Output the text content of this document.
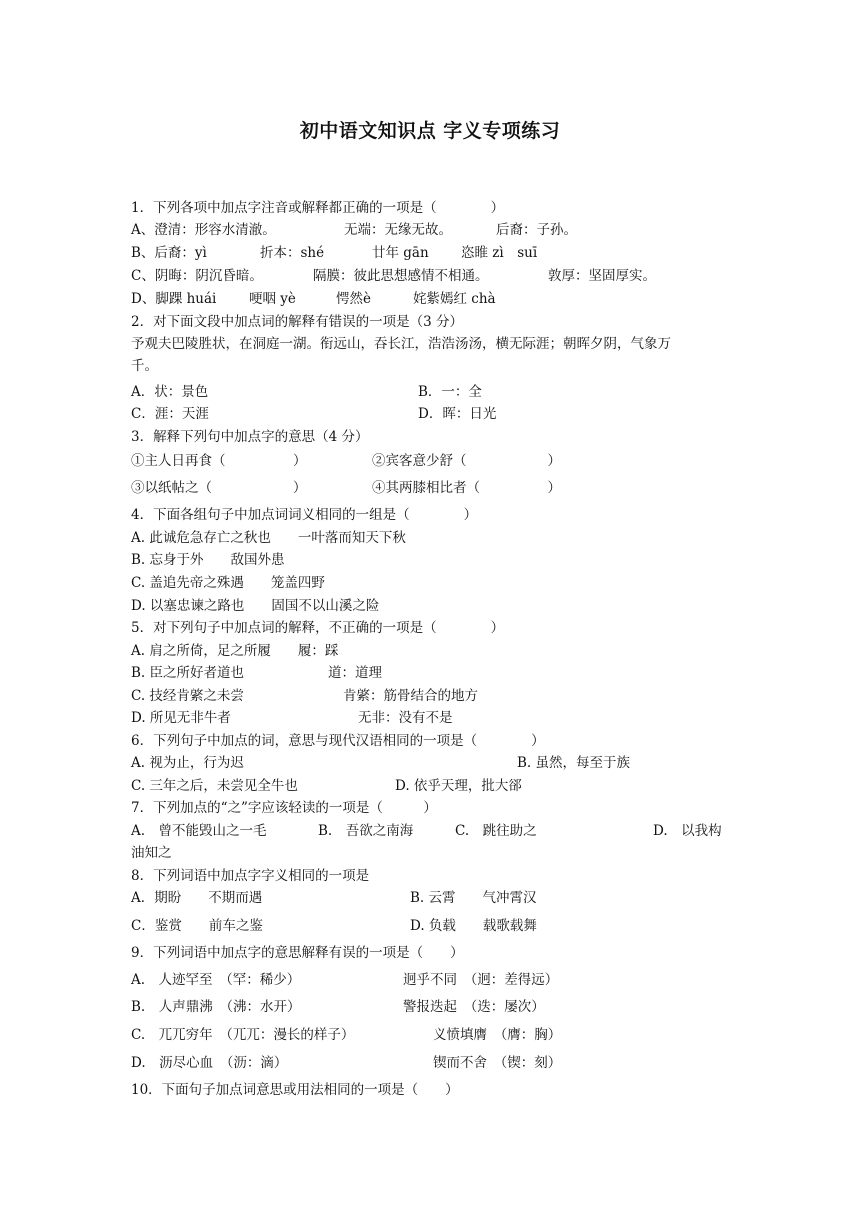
初中语文知识点 字义专项练习
1．下列各项中加点字注音或解释都正确的一项是（　　　　）
A、澄清：形容水清澈。	无端：无缘无故。	后裔：子孙。
B、后裔：yì	折本：shé	廿年 gān 恣睢 zì　suī
C、阴晦：阴沉昏暗。	隔膜：彼此思想感情不相通。	敦厚：坚固厚实。
D、脚踝 huái 哽咽 yè	愕然è	姹紫嫣红 chà
2．对下面文段中加点词的解释有错误的一项是（3 分）
予观夫巴陵胜状，在洞庭一湖。衔远山，吞长江，浩浩汤汤，横无际涯；朝晖夕阴，气象万
千。
A．状：景色	B．一：全
C．涯：天涯	D．晖：日光
3．解释下列句中加点字的意思（4 分）
①主人日再食（　　　　　）	②宾客意少舒（　　　　　　）
③以纸帖之（　　　　　　）	④其两膝相比者（　　　　　）
4．下面各组句子中加点词词义相同的一组是（　　　　）
A. 此诚危急存亡之秋也　　一叶落而知天下秋
B. 忘身于外　　敌国外患
C. 盖追先帝之殊遇　　笼盖四野
D. 以塞忠谏之路也　　固国不以山溪之险
5．对下列句子中加点词的解释，不正确的一项是（　　　　）
A. 肩之所倚，足之所履　　履：踩
B. 臣之所好者道也	道：道理
C. 技经肯綮之未尝	肯綮：筋骨结合的地方
D. 所见无非牛者	无非：没有不是
6．下列句子中加点的词，意思与现代汉语相同的一项是（　　　　）
A. 视为止，行为迟	B. 虽然，每至于族
C. 三年之后，未尝见全牛也	D. 依乎天理，批大郤
7．下列加点的“之”字应该轻读的一项是（　　　）
A.　曾不能毁山之一毛	B.　吾欲之南海	C.　跳往助之	D.　以我构
油知之
8．下列词语中加点字字义相同的一项是
A．期盼　　不期而遇	B. 云霄　　气冲霄汉
C．鉴赏　　前车之鉴	D. 负载　　载歌载舞
9．下列词语中加点字的意思解释有误的一项是（　　）
A.　人迹罕至　（罕：稀少）	迥乎不同　（迥：差得远）
B.　人声鼎沸　（沸：水开）	警报迭起　（迭：屡次）
C.　兀兀穷年　（兀兀：漫长的样子）	义愤填膺　（膺：胸）
D.　沥尽心血　（沥：滴）	锲而不舍　（锲：刻）
10．下面句子加点词意思或用法相同的一项是（　　）
